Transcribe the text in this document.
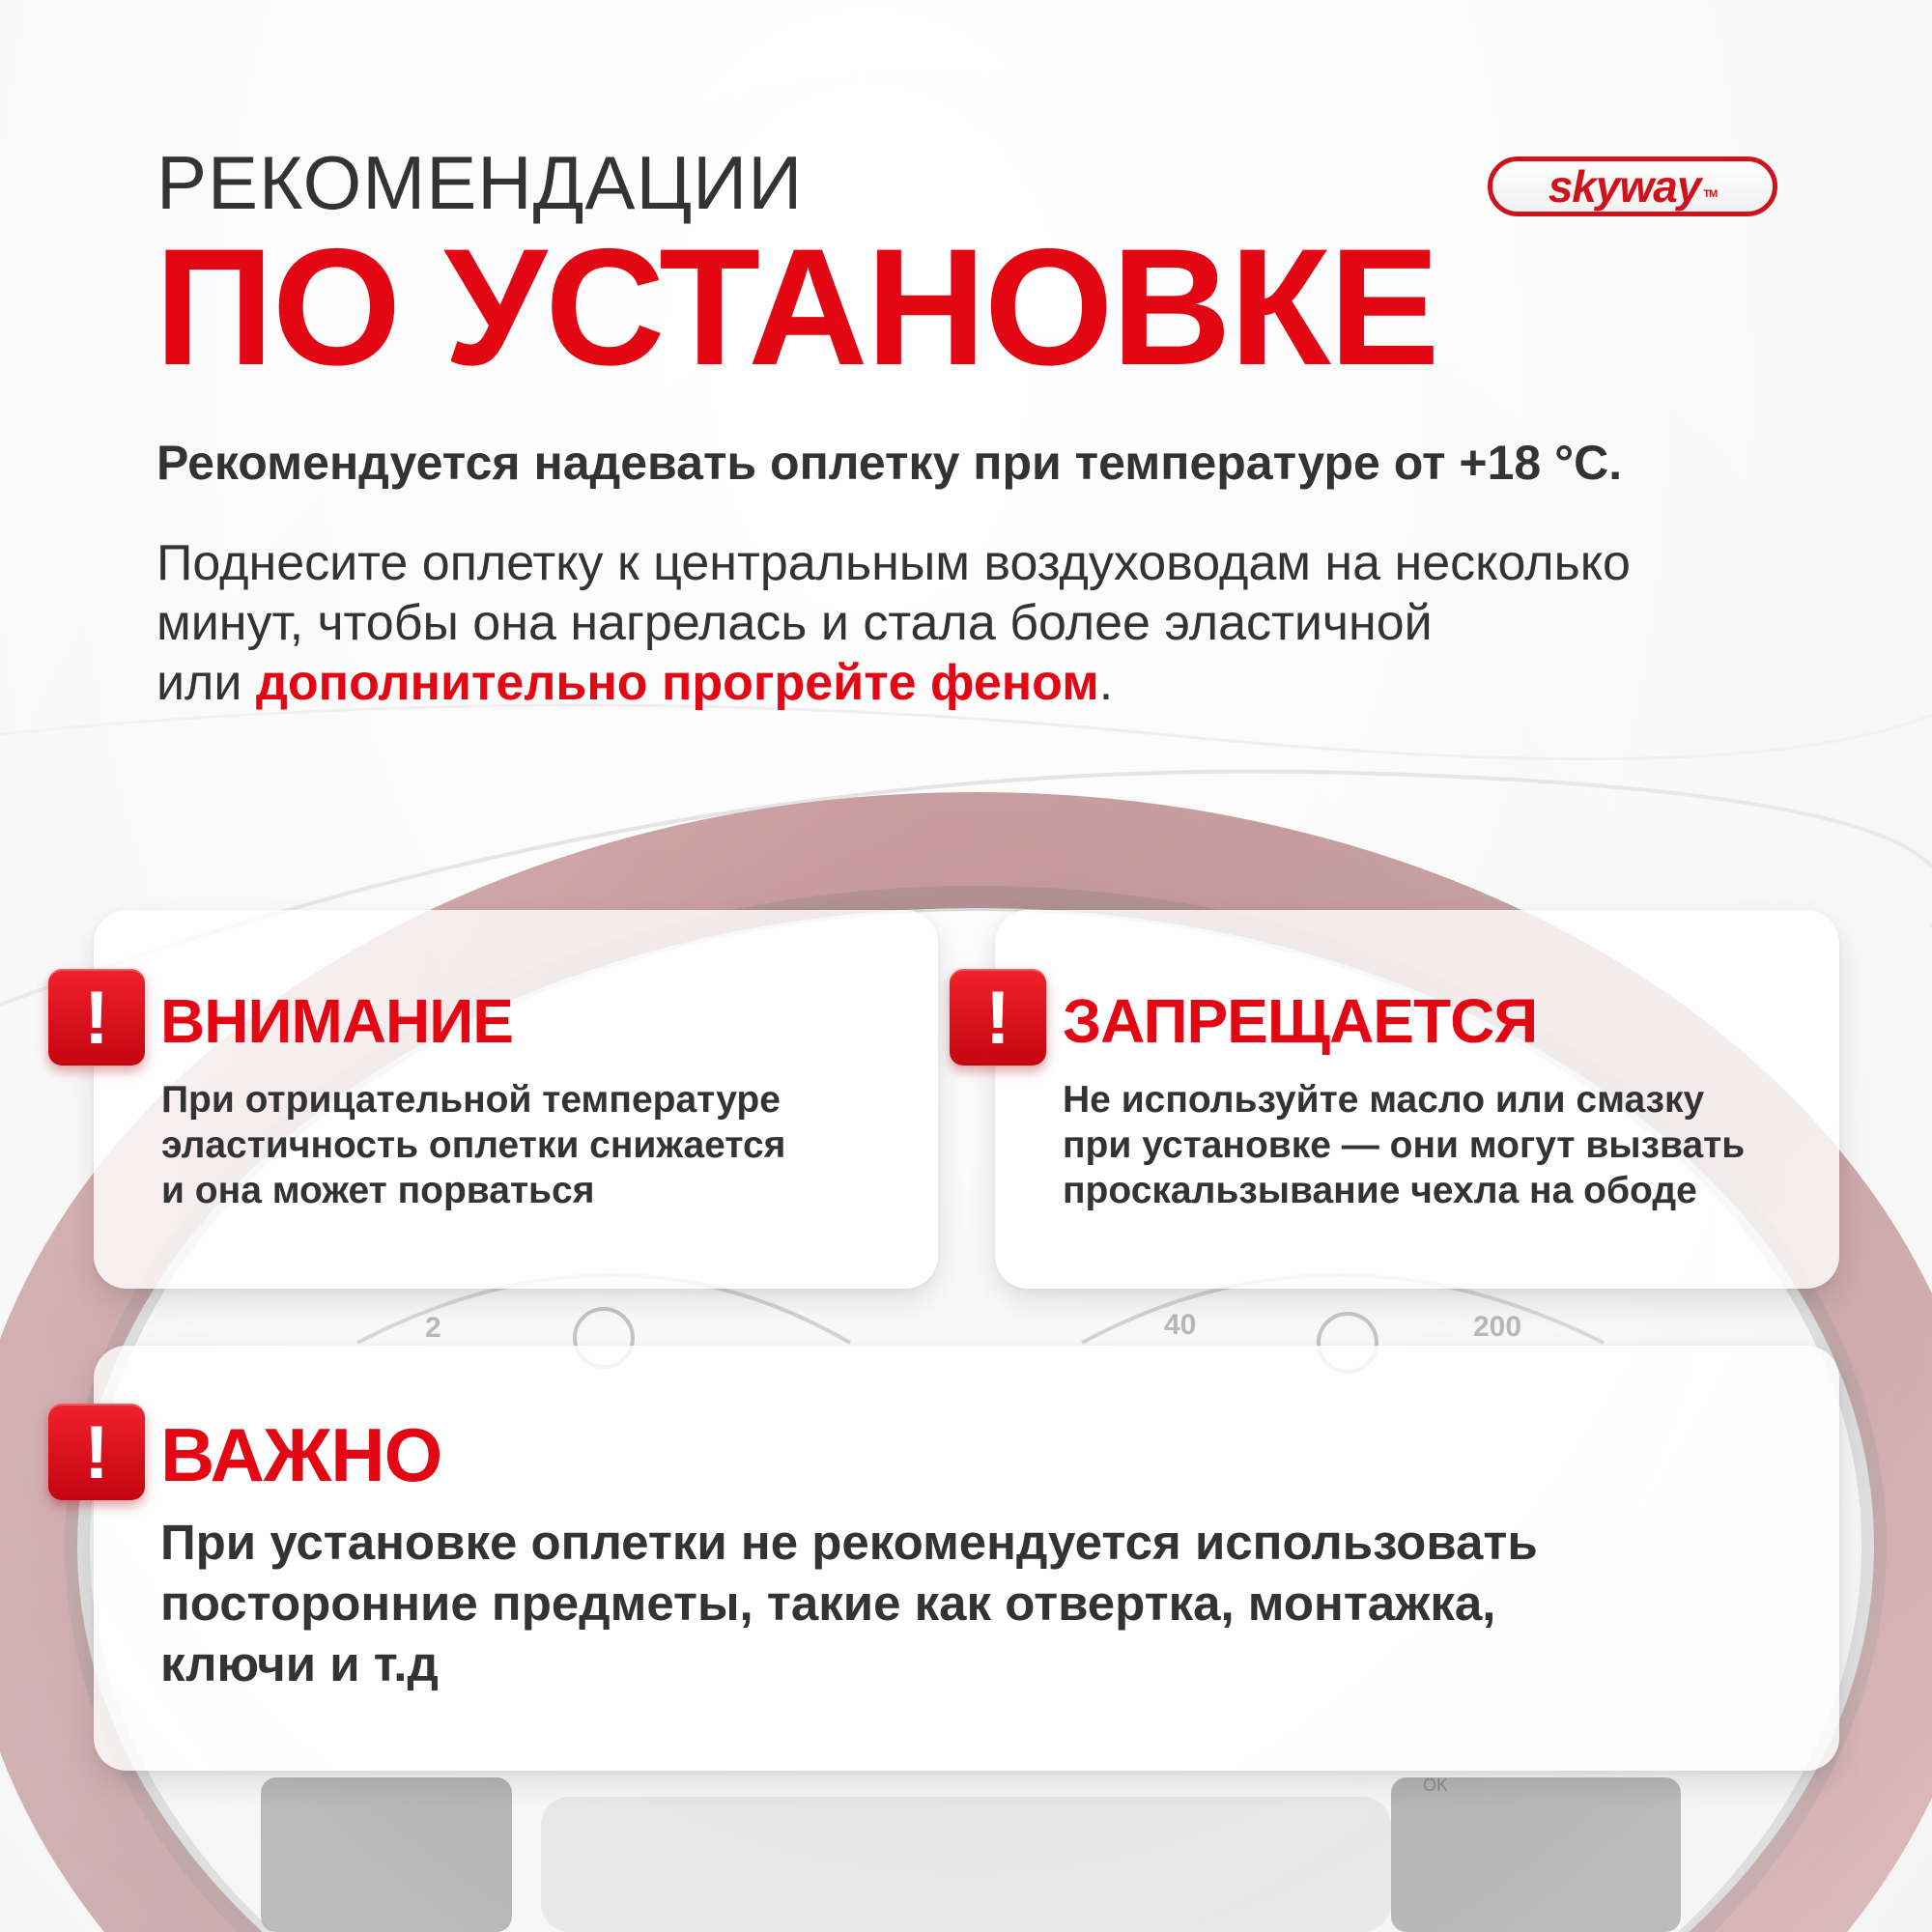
2	40	200
OK
РЕКОМЕНДАЦИИ
ПО УСТАНОВКЕ
skyway TM

Рекомендуется надевать оплетку при температуре от +18 °C.

Поднесите оплетку к центральным воздуховодам на несколько
минут, чтобы она нагрелась и стала более эластичной
или дополнительно прогрейте феном.

!	!
!
ВНИМАНИЕ	ЗАПРЕЩАЕТСЯ
ВАЖНО

При отрицательной температуре
эластичность оплетки снижается
и она может порваться

Не используйте масло или смазку
при установке — они могут вызвать
проскальзывание чехла на ободе

При установке оплетки не рекомендуется использовать
посторонние предметы, такие как отвертка, монтажка,
ключи и т.д
